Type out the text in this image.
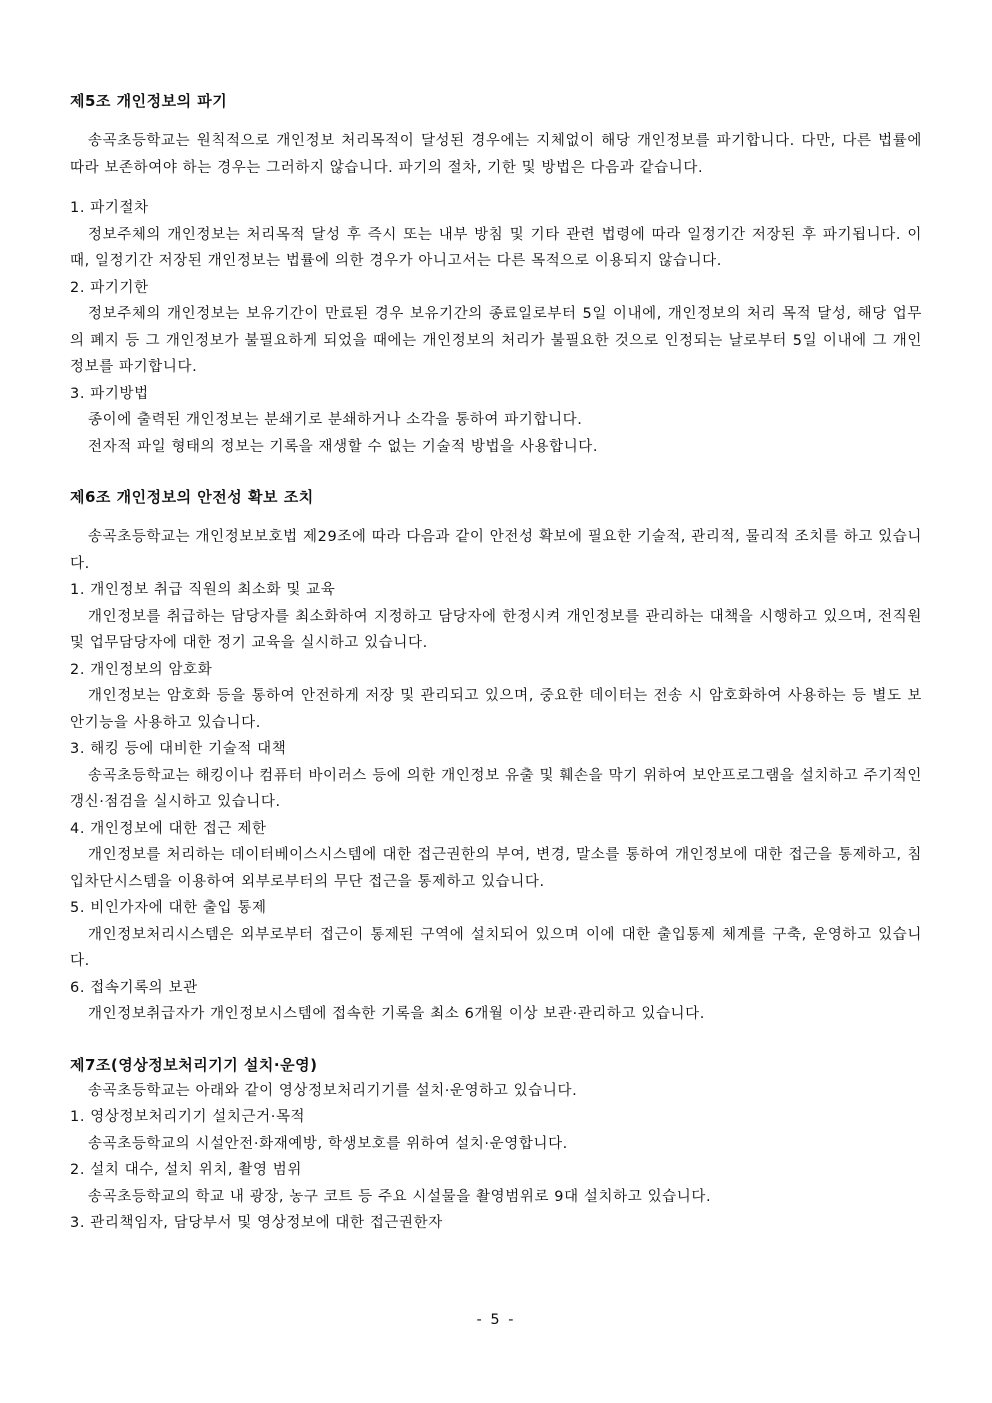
제5조 개인정보의 파기

송곡초등학교는 원칙적으로 개인정보 처리목적이 달성된 경우에는 지체없이 해당 개인정보를 파기합니다. 다만, 다른 법률에 따라 보존하여야 하는 경우는 그러하지 않습니다. 파기의 절차, 기한 및 방법은 다음과 같습니다.

1. 파기절차

정보주체의 개인정보는 처리목적 달성 후 즉시 또는 내부 방침 및 기타 관련 법령에 따라 일정기간 저장된 후 파기됩니다. 이 때, 일정기간 저장된 개인정보는 법률에 의한 경우가 아니고서는 다른 목적으로 이용되지 않습니다.

2. 파기기한

정보주체의 개인정보는 보유기간이 만료된 경우 보유기간의 종료일로부터 5일 이내에, 개인정보의 처리 목적 달성, 해당 업무의 폐지 등 그 개인정보가 불필요하게 되었을 때에는 개인정보의 처리가 불필요한 것으로 인정되는 날로부터 5일 이내에 그 개인정보를 파기합니다.

3. 파기방법

종이에 출력된 개인정보는 분쇄기로 분쇄하거나 소각을 통하여 파기합니다.

전자적 파일 형태의 정보는 기록을 재생할 수 없는 기술적 방법을 사용합니다.

제6조 개인정보의 안전성 확보 조치

송곡초등학교는 개인정보보호법 제29조에 따라 다음과 같이 안전성 확보에 필요한 기술적, 관리적, 물리적 조치를 하고 있습니다.

1. 개인정보 취급 직원의 최소화 및 교육

개인정보를 취급하는 담당자를 최소화하여 지정하고 담당자에 한정시켜 개인정보를 관리하는 대책을 시행하고 있으며, 전직원 및 업무담당자에 대한 정기 교육을 실시하고 있습니다.

2. 개인정보의 암호화

개인정보는 암호화 등을 통하여 안전하게 저장 및 관리되고 있으며, 중요한 데이터는 전송 시 암호화하여 사용하는 등 별도 보안기능을 사용하고 있습니다.

3. 해킹 등에 대비한 기술적 대책

송곡초등학교는 해킹이나 컴퓨터 바이러스 등에 의한 개인정보 유출 및 훼손을 막기 위하여 보안프로그램을 설치하고 주기적인 갱신·점검을 실시하고 있습니다.

4. 개인정보에 대한 접근 제한

개인정보를 처리하는 데이터베이스시스템에 대한 접근권한의 부여, 변경, 말소를 통하여 개인정보에 대한 접근을 통제하고, 침입차단시스템을 이용하여 외부로부터의 무단 접근을 통제하고 있습니다.

5. 비인가자에 대한 출입 통제

개인정보처리시스템은 외부로부터 접근이 통제된 구역에 설치되어 있으며 이에 대한 출입통제 체계를 구축, 운영하고 있습니다.

6. 접속기록의 보관

개인정보취급자가 개인정보시스템에 접속한 기록을 최소 6개월 이상 보관·관리하고 있습니다.

제7조(영상정보처리기기 설치·운영)

송곡초등학교는 아래와 같이 영상정보처리기기를 설치·운영하고 있습니다.

1. 영상정보처리기기 설치근거·목적

송곡초등학교의 시설안전·화재예방, 학생보호를 위하여 설치·운영합니다.

2. 설치 대수, 설치 위치, 촬영 범위

송곡초등학교의 학교 내 광장, 농구 코트 등 주요 시설물을 촬영범위로 9대 설치하고 있습니다.

3. 관리책임자, 담당부서 및 영상정보에 대한 접근권한자

- 5 -
